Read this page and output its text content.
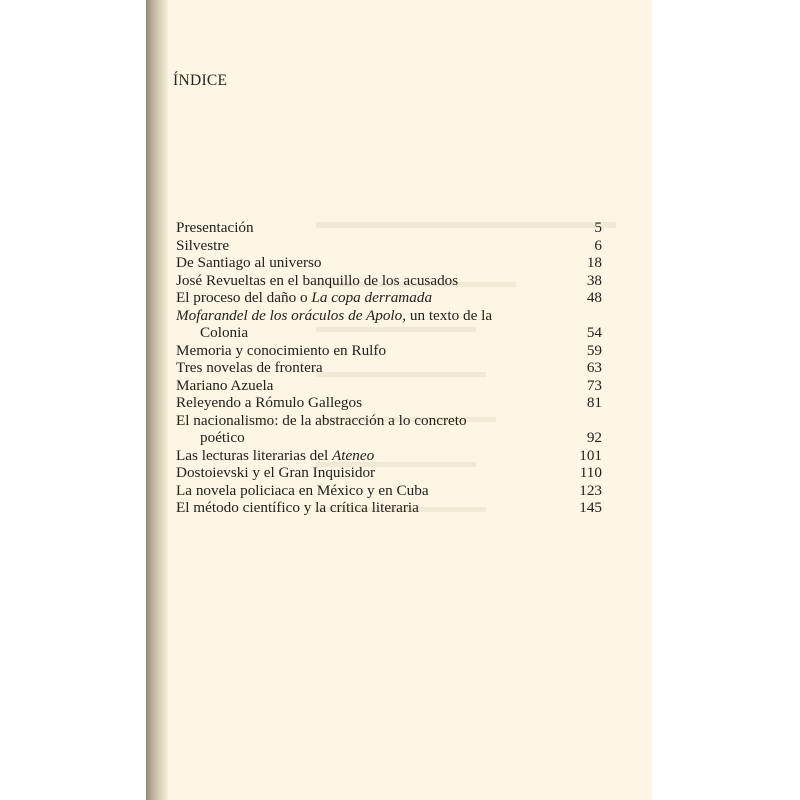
ÍNDICE
Presentación	5
Silvestre	6
De Santiago al universo	18
José Revueltas en el banquillo de los acusados	38
El proceso del daño o La copa derramada	48
Mofarandel de los oráculos de Apolo, un texto de la
Colonia	54
Memoria y conocimiento en Rulfo	59
Tres novelas de frontera	63
Mariano Azuela	73
Releyendo a Rómulo Gallegos	81
El nacionalismo: de la abstracción a lo concreto
poético	92
Las lecturas literarias del Ateneo	101
Dostoievski y el Gran Inquisidor	110
La novela policiaca en México y en Cuba	123
El método científico y la crítica literaria	145
